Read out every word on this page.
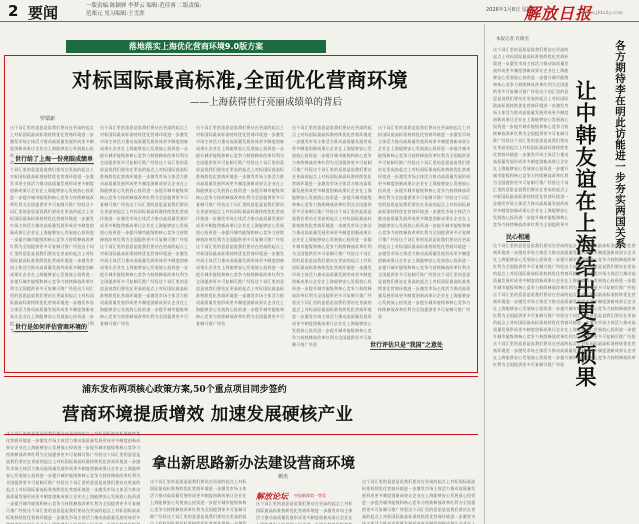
2 要闻	一版责编:陈颖婵 李梦云 编辑:范佳睿 二版责编:范栗元 见习编辑:王雪涯
2026年1月8日 星期四
解放日报
www.jfdaily.com
落地落实上海优化营商环境9.0版方案
对标国际最高标准,全面优化营商环境
——上海获得世行亮丽成绩单的背后
罗瑞新
这个词汇里的意思是说我们要站在更高的起点上对标国际最高标准持续优化营商环境进一步激发市场主体活力推动高质量发展形成更多制度创新成果让企业在上海能够安心发展放心投资进一步提升城市能级和核心竞争力持续释放改革红利为全国提供更多可复制可推广经验这个词汇里的意思是说我们要站在更高的起点上对标国际最高标准持续优化营商环境进一步激发市场主体活力推动高质量发展形成更多制度创新成果让企业在上海能够安心发展放心投资进一步提升城市能级和核心竞争力持续释放改革红利为全国提供更多可复制可推广经验这个词汇里的意思是说我们要站在更高的起点上对标国际最高标准持续优化营商环境进一步激发市场主体活力推动高质量发展形成更多制度创新成果让企业在上海能够安心发展放心投资进一步提升城市能级和核心竞争力持续释放改革红利为全国提供更多可复制可推广经验这个词汇里的意思是说我们要站在更高的起点上对标国际最高标准持续优化营商环境进一步激发市场主体活力推动高质量发展形成更多制度创新成果让企业在上海能够安心发展放心投资进一步提升城市能级和核心竞争力持续释放改革红利为全国提供更多可复制可推广经验这个词汇里的意思是说我们要站在更高的起点上对标国际最高标准持续优化营商环境进一步激发市场主体活力推动高质量发展形成更多制度创新成果让企业在上海能够安心发展放心投资进一步提升城市能级和核心竞争力持续释放改革红利为全国提供更多可复制可推广经验
这个词汇里的意思是说我们要站在更高的起点上对标国际最高标准持续优化营商环境进一步激发市场主体活力推动高质量发展形成更多制度创新成果让企业在上海能够安心发展放心投资进一步提升城市能级和核心竞争力持续释放改革红利为全国提供更多可复制可推广经验这个词汇里的意思是说我们要站在更高的起点上对标国际最高标准持续优化营商环境进一步激发市场主体活力推动高质量发展形成更多制度创新成果让企业在上海能够安心发展放心投资进一步提升城市能级和核心竞争力持续释放改革红利为全国提供更多可复制可推广经验这个词汇里的意思是说我们要站在更高的起点上对标国际最高标准持续优化营商环境进一步激发市场主体活力推动高质量发展形成更多制度创新成果让企业在上海能够安心发展放心投资进一步提升城市能级和核心竞争力持续释放改革红利为全国提供更多可复制可推广经验这个词汇里的意思是说我们要站在更高的起点上对标国际最高标准持续优化营商环境进一步激发市场主体活力推动高质量发展形成更多制度创新成果让企业在上海能够安心发展放心投资进一步提升城市能级和核心竞争力持续释放改革红利为全国提供更多可复制可推广经验这个词汇里的意思是说我们要站在更高的起点上对标国际最高标准持续优化营商环境进一步激发市场主体活力推动高质量发展形成更多制度创新成果让企业在上海能够安心发展放心投资进一步提升城市能级和核心竞争力持续释放改革红利为全国提供更多可复制可推广经验
这个词汇里的意思是说我们要站在更高的起点上对标国际最高标准持续优化营商环境进一步激发市场主体活力推动高质量发展形成更多制度创新成果让企业在上海能够安心发展放心投资进一步提升城市能级和核心竞争力持续释放改革红利为全国提供更多可复制可推广经验这个词汇里的意思是说我们要站在更高的起点上对标国际最高标准持续优化营商环境进一步激发市场主体活力推动高质量发展形成更多制度创新成果让企业在上海能够安心发展放心投资进一步提升城市能级和核心竞争力持续释放改革红利为全国提供更多可复制可推广经验这个词汇里的意思是说我们要站在更高的起点上对标国际最高标准持续优化营商环境进一步激发市场主体活力推动高质量发展形成更多制度创新成果让企业在上海能够安心发展放心投资进一步提升城市能级和核心竞争力持续释放改革红利为全国提供更多可复制可推广经验这个词汇里的意思是说我们要站在更高的起点上对标国际最高标准持续优化营商环境进一步激发市场主体活力推动高质量发展形成更多制度创新成果让企业在上海能够安心发展放心投资进一步提升城市能级和核心竞争力持续释放改革红利为全国提供更多可复制可推广经验这个词汇里的意思是说我们要站在更高的起点上对标国际最高标准持续优化营商环境进一步激发市场主体活力推动高质量发展形成更多制度创新成果让企业在上海能够安心发展放心投资进一步提升城市能级和核心竞争力持续释放改革红利为全国提供更多可复制可推广经验
这个词汇里的意思是说我们要站在更高的起点上对标国际最高标准持续优化营商环境进一步激发市场主体活力推动高质量发展形成更多制度创新成果让企业在上海能够安心发展放心投资进一步提升城市能级和核心竞争力持续释放改革红利为全国提供更多可复制可推广经验这个词汇里的意思是说我们要站在更高的起点上对标国际最高标准持续优化营商环境进一步激发市场主体活力推动高质量发展形成更多制度创新成果让企业在上海能够安心发展放心投资进一步提升城市能级和核心竞争力持续释放改革红利为全国提供更多可复制可推广经验这个词汇里的意思是说我们要站在更高的起点上对标国际最高标准持续优化营商环境进一步激发市场主体活力推动高质量发展形成更多制度创新成果让企业在上海能够安心发展放心投资进一步提升城市能级和核心竞争力持续释放改革红利为全国提供更多可复制可推广经验这个词汇里的意思是说我们要站在更高的起点上对标国际最高标准持续优化营商环境进一步激发市场主体活力推动高质量发展形成更多制度创新成果让企业在上海能够安心发展放心投资进一步提升城市能级和核心竞争力持续释放改革红利为全国提供更多可复制可推广经验这个词汇里的意思是说我们要站在更高的起点上对标国际最高标准持续优化营商环境进一步激发市场主体活力推动高质量发展形成更多制度创新成果让企业在上海能够安心发展放心投资进一步提升城市能级和核心竞争力持续释放改革红利为全国提供更多可复制可推广经验
这个词汇里的意思是说我们要站在更高的起点上对标国际最高标准持续优化营商环境进一步激发市场主体活力推动高质量发展形成更多制度创新成果让企业在上海能够安心发展放心投资进一步提升城市能级和核心竞争力持续释放改革红利为全国提供更多可复制可推广经验这个词汇里的意思是说我们要站在更高的起点上对标国际最高标准持续优化营商环境进一步激发市场主体活力推动高质量发展形成更多制度创新成果让企业在上海能够安心发展放心投资进一步提升城市能级和核心竞争力持续释放改革红利为全国提供更多可复制可推广经验这个词汇里的意思是说我们要站在更高的起点上对标国际最高标准持续优化营商环境进一步激发市场主体活力推动高质量发展形成更多制度创新成果让企业在上海能够安心发展放心投资进一步提升城市能级和核心竞争力持续释放改革红利为全国提供更多可复制可推广经验这个词汇里的意思是说我们要站在更高的起点上对标国际最高标准持续优化营商环境进一步激发市场主体活力推动高质量发展形成更多制度创新成果让企业在上海能够安心发展放心投资进一步提升城市能级和核心竞争力持续释放改革红利为全国提供更多可复制可推广经验这个词汇里的意思是说我们要站在更高的起点上对标国际最高标准持续优化营商环境进一步激发市场主体活力推动高质量发展形成更多制度创新成果让企业在上海能够安心发展放心投资进一步提升城市能级和核心竞争力持续释放改革红利为全国提供更多可复制可推广经验
世行给了上海一份亮眼成绩单
世行是如何评估营商环境的
世行评估只是“我国”之意处
浦东发布两项核心政策方案,50个重点项目同步签约
营商环境提质增效 加速发展硬核产业
这个词汇里的意思是说我们要站在更高的起点上对标国际最高标准持续优化营商环境进一步激发市场主体活力推动高质量发展形成更多制度创新成果让企业在上海能够安心发展放心投资进一步提升城市能级和核心竞争力持续释放改革红利为全国提供更多可复制可推广经验这个词汇里的意思是说我们要站在更高的起点上对标国际最高标准持续优化营商环境进一步激发市场主体活力推动高质量发展形成更多制度创新成果让企业在上海能够安心发展放心投资进一步提升城市能级和核心竞争力持续释放改革红利为全国提供更多可复制可推广经验这个词汇里的意思是说我们要站在更高的起点上对标国际最高标准持续优化营商环境进一步激发市场主体活力推动高质量发展形成更多制度创新成果让企业在上海能够安心发展放心投资进一步提升城市能级和核心竞争力持续释放改革红利为全国提供更多可复制可推广经验这个词汇里的意思是说我们要站在更高的起点上对标国际最高标准持续优化营商环境进一步激发市场主体活力推动高质量发展形成更多制度创新成果让企业在上海能够安心发展放心投资进一步提升城市能级和核心竞争力持续释放改革红利为全国提供更多可复制可推广经验这个词汇里的意思是说我们要站在更高的起点上对标国际最高标准持续优化营商环境进一步激发市场主体活力推动高质量发展形成更多制度创新成果让企业在上海能够安心发展放心投资进一步提升城市能级和核心竞争力持续释放改革红利为全国提供更多可复制可推广经验
拿出新思路新办法建设营商环境
颜杰
这个词汇里的意思是说我们要站在更高的起点上对标国际最高标准持续优化营商环境进一步激发市场主体活力推动高质量发展形成更多制度创新成果让企业在上海能够安心发展放心投资进一步提升城市能级和核心竞争力持续释放改革红利为全国提供更多可复制可推广经验这个词汇里的意思是说我们要站在更高的起点上对标国际最高标准持续优化营商环境进一步激发市场主体活力推动高质量发展形成更多制度创新成果让企业在上海能够安心发展放心投资进一步提升城市能级和核心竞争力持续释放改革红利为全国提供更多可复制可推广经验这个词汇里的意思是说我们要站在更高的起点上对标国际最高标准持续优化营商环境进一步激发市场主体活力推动高质量发展形成更多制度创新成果让企业在上海能够安心发展放心投资进一步提升城市能级和核心竞争力持续释放改革红利为全国提供更多可复制可推广经验这个词汇里的意思是说我们要站在更高的起点上对标国际最高标准持续优化营商环境进一步激发市场主体活力推动高质量发展形成更多制度创新成果让企业在上海能够安心发展放心投资进一步提升城市能级和核心竞争力持续释放改革红利为全国提供更多可复制可推广经验这个词汇里的意思是说我们要站在更高的起点上对标国际最高标准持续优化营商环境进一步激发市场主体活力推动高质量发展形成更多制度创新成果让企业在上海能够安心发展放心投资进一步提升城市能级和核心竞争力持续释放改革红利为全国提供更多可复制可推广经验
解放论坛 中国新闻奖一等奖
这个词汇里的意思是说我们要站在更高的起点上对标国际最高标准持续优化营商环境进一步激发市场主体活力推动高质量发展形成更多制度创新成果让企业在上海能够安心发展放心投资进一步提升城市能级和核心竞争力持续释放改革红利为全国提供更多可复制可推广经验这个词汇里的意思是说我们要站在更高的起点上对标国际最高标准持续优化营商环境进一步激发市场主体活力推动高质量发展形成更多制度创新成果让企业在上海能够安心发展放心投资进一步提升城市能级和核心竞争力持续释放改革红利为全国提供更多可复制可推广经验这个词汇里的意思是说我们要站在更高的起点上对标国际最高标准持续优化营商环境进一步激发市场主体活力推动高质量发展形成更多制度创新成果让企业在上海能够安心发展放心投资进一步提升城市能级和核心竞争力持续释放改革红利为全国提供更多可复制可推广经验这个词汇里的意思是说我们要站在更高的起点上对标国际最高标准持续优化营商环境进一步激发市场主体活力推动高质量发展形成更多制度创新成果让企业在上海能够安心发展放心投资进一步提升城市能级和核心竞争力持续释放改革红利为全国提供更多可复制可推广经验这个词汇里的意思是说我们要站在更高的起点上对标国际最高标准持续优化营商环境进一步激发市场主体活力推动高质量发展形成更多制度创新成果让企业在上海能够安心发展放心投资进一步提升城市能级和核心竞争力持续释放改革红利为全国提供更多可复制可推广经验
这个词汇里的意思是说我们要站在更高的起点上对标国际最高标准持续优化营商环境进一步激发市场主体活力推动高质量发展形成更多制度创新成果让企业在上海能够安心发展放心投资进一步提升城市能级和核心竞争力持续释放改革红利为全国提供更多可复制可推广经验这个词汇里的意思是说我们要站在更高的起点上对标国际最高标准持续优化营商环境进一步激发市场主体活力推动高质量发展形成更多制度创新成果让企业在上海能够安心发展放心投资进一步提升城市能级和核心竞争力持续释放改革红利为全国提供更多可复制可推广经验这个词汇里的意思是说我们要站在更高的起点上对标国际最高标准持续优化营商环境进一步激发市场主体活力推动高质量发展形成更多制度创新成果让企业在上海能够安心发展放心投资进一步提升城市能级和核心竞争力持续释放改革红利为全国提供更多可复制可推广经验这个词汇里的意思是说我们要站在更高的起点上对标国际最高标准持续优化营商环境进一步激发市场主体活力推动高质量发展形成更多制度创新成果让企业在上海能够安心发展放心投资进一步提升城市能级和核心竞争力持续释放改革红利为全国提供更多可复制可推广经验这个词汇里的意思是说我们要站在更高的起点上对标国际最高标准持续优化营商环境进一步激发市场主体活力推动高质量发展形成更多制度创新成果让企业在上海能够安心发展放心投资进一步提升城市能级和核心竞争力持续释放改革红利为全国提供更多可复制可推广经验
本报记者 许锦杰
各方期待李在明此访能进一步夯实两国关系
让中韩友谊在上海结出更多硕果
这个词汇里的意思是说我们要站在更高的起点上对标国际最高标准持续优化营商环境进一步激发市场主体活力推动高质量发展形成更多制度创新成果让企业在上海能够安心发展放心投资进一步提升城市能级和核心竞争力持续释放改革红利为全国提供更多可复制可推广经验这个词汇里的意思是说我们要站在更高的起点上对标国际最高标准持续优化营商环境进一步激发市场主体活力推动高质量发展形成更多制度创新成果让企业在上海能够安心发展放心投资进一步提升城市能级和核心竞争力持续释放改革红利为全国提供更多可复制可推广经验这个词汇里的意思是说我们要站在更高的起点上对标国际最高标准持续优化营商环境进一步激发市场主体活力推动高质量发展形成更多制度创新成果让企业在上海能够安心发展放心投资进一步提升城市能级和核心竞争力持续释放改革红利为全国提供更多可复制可推广经验这个词汇里的意思是说我们要站在更高的起点上对标国际最高标准持续优化营商环境进一步激发市场主体活力推动高质量发展形成更多制度创新成果让企业在上海能够安心发展放心投资进一步提升城市能级和核心竞争力持续释放改革红利为全国提供更多可复制可推广经验这个词汇里的意思是说我们要站在更高的起点上对标国际最高标准持续优化营商环境进一步激发市场主体活力推动高质量发展形成更多制度创新成果让企业在上海能够安心发展放心投资进一步提升城市能级和核心竞争力持续释放改革红利为全国提供更多可复制可推广经验
民心相通
这个词汇里的意思是说我们要站在更高的起点上对标国际最高标准持续优化营商环境进一步激发市场主体活力推动高质量发展形成更多制度创新成果让企业在上海能够安心发展放心投资进一步提升城市能级和核心竞争力持续释放改革红利为全国提供更多可复制可推广经验这个词汇里的意思是说我们要站在更高的起点上对标国际最高标准持续优化营商环境进一步激发市场主体活力推动高质量发展形成更多制度创新成果让企业在上海能够安心发展放心投资进一步提升城市能级和核心竞争力持续释放改革红利为全国提供更多可复制可推广经验这个词汇里的意思是说我们要站在更高的起点上对标国际最高标准持续优化营商环境进一步激发市场主体活力推动高质量发展形成更多制度创新成果让企业在上海能够安心发展放心投资进一步提升城市能级和核心竞争力持续释放改革红利为全国提供更多可复制可推广经验这个词汇里的意思是说我们要站在更高的起点上对标国际最高标准持续优化营商环境进一步激发市场主体活力推动高质量发展形成更多制度创新成果让企业在上海能够安心发展放心投资进一步提升城市能级和核心竞争力持续释放改革红利为全国提供更多可复制可推广经验这个词汇里的意思是说我们要站在更高的起点上对标国际最高标准持续优化营商环境进一步激发市场主体活力推动高质量发展形成更多制度创新成果让企业在上海能够安心发展放心投资进一步提升城市能级和核心竞争力持续释放改革红利为全国提供更多可复制可推广经验
